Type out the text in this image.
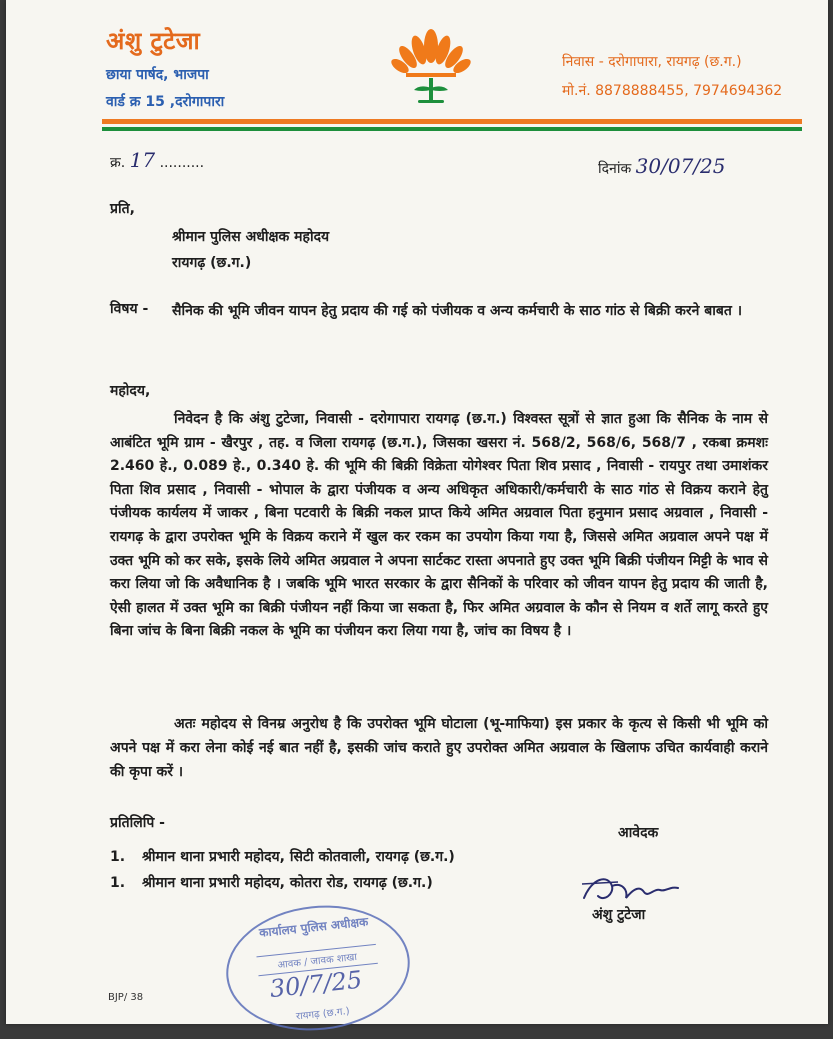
अंशु टुटेजा
छाया पार्षद, भाजपा
वार्ड क्र 15 ,दरोगापारा
निवास - दरोगापारा, रायगढ़ (छ.ग.)
मो.नं. 8878888455, 7974694362
क्र. 17 ..........	दिनांक 30/07/25
प्रति,
श्रीमान पुलिस अधीक्षक महोदय
रायगढ़ (छ.ग.)
विषय - सैनिक की भूमि जीवन यापन हेतु प्रदाय की गई को पंजीयक व अन्य कर्मचारी के साठ गांठ से बिक्री करने बाबत ।
महोदय,
निवेदन है कि अंशु टुटेजा, निवासी - दरोगापारा रायगढ़ (छ.ग.) विश्वस्त सूत्रों से ज्ञात हुआ कि सैनिक के नाम से आबंटित भूमि ग्राम - खैरपुर , तह. व जिला रायगढ़ (छ.ग.), जिसका खसरा नं. 568/2, 568/6, 568/7 , रकबा क्रमशः 2.460 हे., 0.089 हे., 0.340 हे. की भूमि की बिक्री विक्रेता योगेश्वर पिता शिव प्रसाद , निवासी - रायपुर तथा उमाशंकर पिता शिव प्रसाद , निवासी - भोपाल के द्वारा पंजीयक व अन्य अधिकृत अधिकारी/कर्मचारी के साठ गांठ से विक्रय कराने हेतु पंजीयक कार्यलय में जाकर , बिना पटवारी के बिक्री नकल प्राप्त किये अमित अग्रवाल पिता हनुमान प्रसाद अग्रवाल , निवासी - रायगढ़ के द्वारा उपरोक्त भूमि के विक्रय कराने में खुल कर रकम का उपयोग किया गया है, जिससे अमित अग्रवाल अपने पक्ष में उक्त भूमि को कर सके, इसके लिये अमित अग्रवाल ने अपना सार्टकट रास्ता अपनाते हुए उक्त भूमि बिक्री पंजीयन मिट्टी के भाव से करा लिया जो कि अवैधानिक है । जबकि भूमि भारत सरकार के द्वारा सैनिकों के परिवार को जीवन यापन हेतु प्रदाय की जाती है, ऐसी हालत में उक्त भूमि का बिक्री पंजीयन नहीं किया जा सकता है, फिर अमित अग्रवाल के कौन से नियम व शर्ते लागू करते हुए बिना जांच के बिना बिक्री नकल के भूमि का पंजीयन करा लिया गया है, जांच का विषय है ।
अतः महोदय से विनम्र अनुरोध है कि उपरोक्त भूमि घोटाला (भू-माफिया) इस प्रकार के कृत्य से किसी भी भूमि को अपने पक्ष में करा लेना कोई नई बात नहीं है, इसकी जांच कराते हुए उपरोक्त अमित अग्रवाल के खिलाफ उचित कार्यवाही कराने की कृपा करें ।
प्रतिलिपि -
1. श्रीमान थाना प्रभारी महोदय, सिटी कोतवाली, रायगढ़ (छ.ग.)
1. श्रीमान थाना प्रभारी महोदय, कोतरा रोड, रायगढ़ (छ.ग.)
आवेदक
अंशु टुटेजा
कार्यालय पुलिस अधीक्षक
आवक / जावक शाखा
30/7/25
रायगढ़ (छ.ग.)
BJP/ 38
